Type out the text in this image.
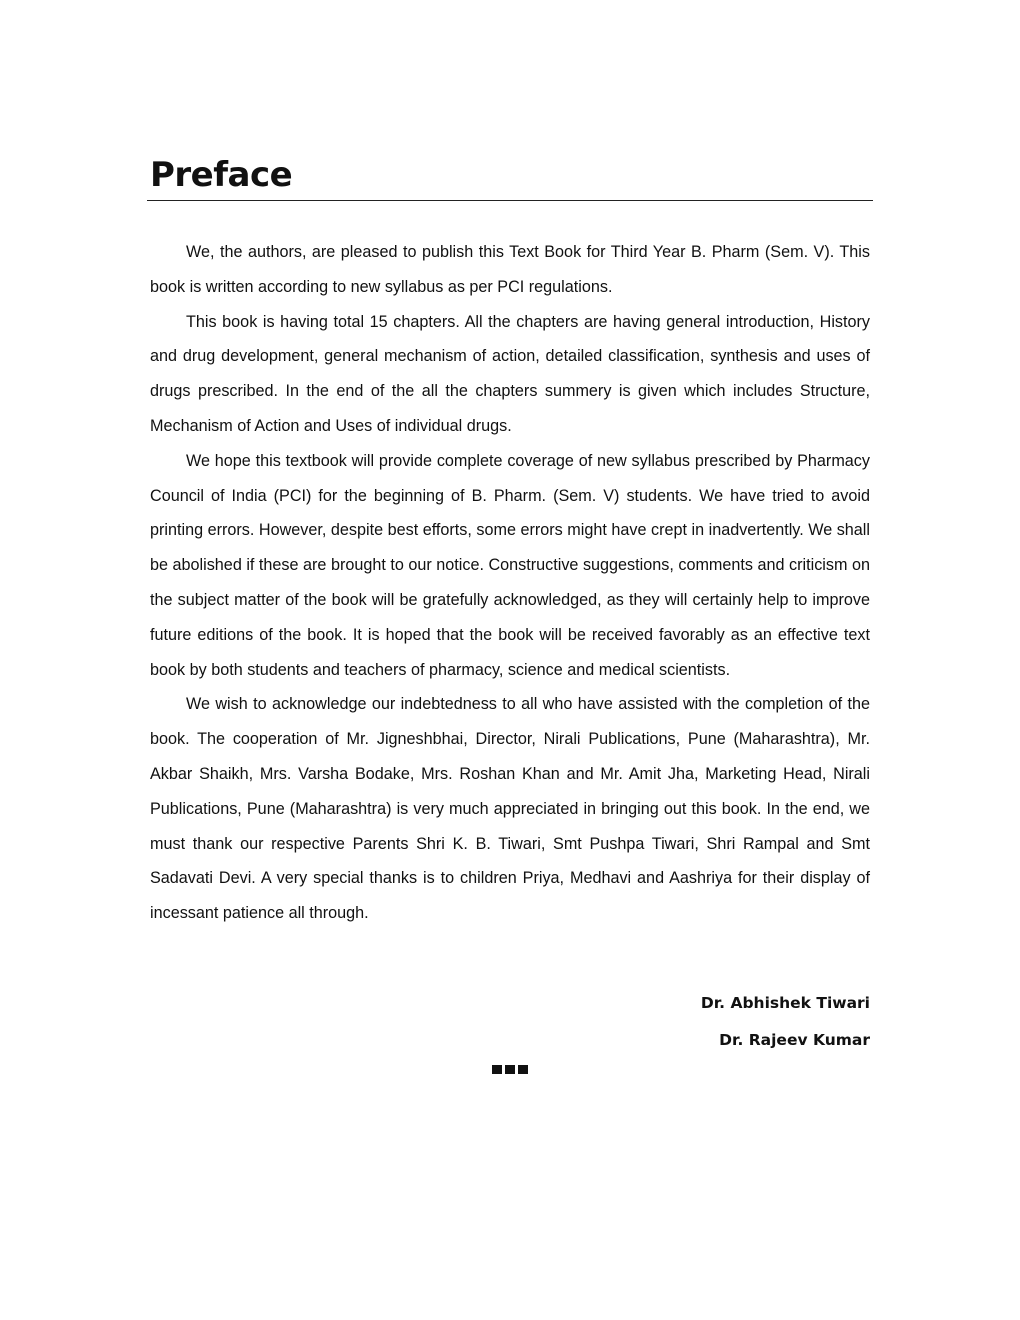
Preface

We, the authors, are pleased to publish this Text Book for Third Year B. Pharm (Sem. V). This book is written according to new syllabus as per PCI regulations.

This book is having total 15 chapters. All the chapters are having general introduction, History and drug development, general mechanism of action, detailed classification, synthesis and uses of drugs prescribed. In the end of the all the chapters summery is given which includes Structure, Mechanism of Action and Uses of individual drugs.

We hope this textbook will provide complete coverage of new syllabus prescribed by Pharmacy Council of India (PCI) for the beginning of B. Pharm. (Sem. V) students. We have tried to avoid printing errors. However, despite best efforts, some errors might have crept in inadvertently. We shall be abolished if these are brought to our notice. Constructive suggestions, comments and criticism on the subject matter of the book will be gratefully acknowledged, as they will certainly help to improve future editions of the book. It is hoped that the book will be received favorably as an effective text book by both students and teachers of pharmacy, science and medical scientists.

We wish to acknowledge our indebtedness to all who have assisted with the completion of the book. The cooperation of Mr. Jigneshbhai, Director, Nirali Publications, Pune (Maharashtra), Mr. Akbar Shaikh, Mrs. Varsha Bodake, Mrs. Roshan Khan and Mr. Amit Jha, Marketing Head, Nirali Publications, Pune (Maharashtra) is very much appreciated in bringing out this book. In the end, we must thank our respective Parents Shri K. B. Tiwari, Smt Pushpa Tiwari, Shri Rampal and Smt Sadavati Devi. A very special thanks is to children Priya, Medhavi and Aashriya for their display of incessant patience all through.

Dr. Abhishek Tiwari
Dr. Rajeev Kumar
